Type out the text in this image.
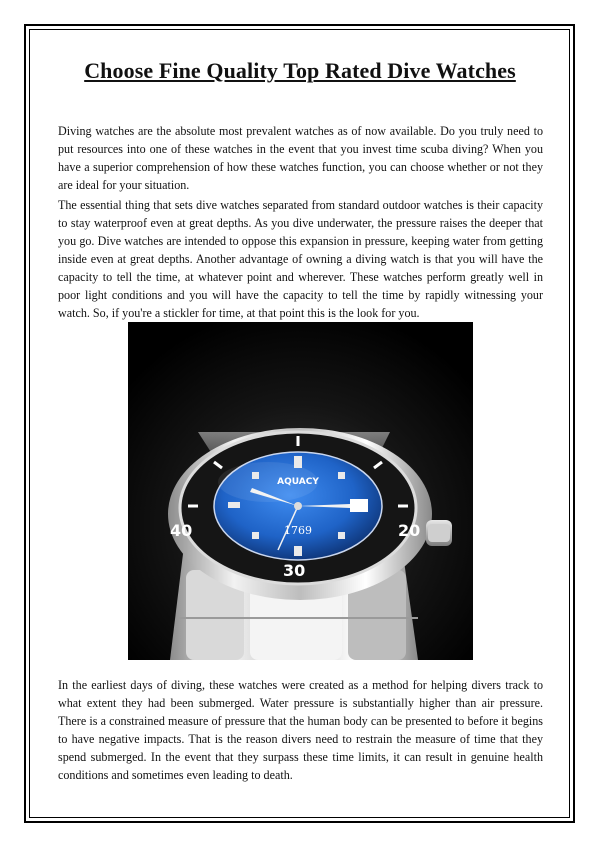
Choose Fine Quality Top Rated Dive Watches

Diving watches are the absolute most prevalent watches as of now available. Do you truly need to put resources into one of these watches in the event that you invest time scuba diving? When you have a superior comprehension of how these watches function, you can choose whether or not they are ideal for your situation.

The essential thing that sets dive watches separated from standard outdoor watches is their capacity to stay waterproof even at great depths. As you dive underwater, the pressure raises the deeper that you go. Dive watches are intended to oppose this expansion in pressure, keeping water from getting inside even at great depths. Another advantage of owning a diving watch is that you will have the capacity to tell the time, at whatever point and wherever. These watches perform greatly well in poor light conditions and you will have the capacity to tell the time by rapidly witnessing your watch. So, if you're a stickler for time, at that point this is the look for you.

40
30
20
AQUACY
1769

In the earliest days of diving, these watches were created as a method for helping divers track to what extent they had been submerged. Water pressure is substantially higher than air pressure. There is a constrained measure of pressure that the human body can be presented to before it begins to have negative impacts. That is the reason divers need to restrain the measure of time that they spend submerged. In the event that they surpass these time limits, it can result in genuine health conditions and sometimes even leading to death.
